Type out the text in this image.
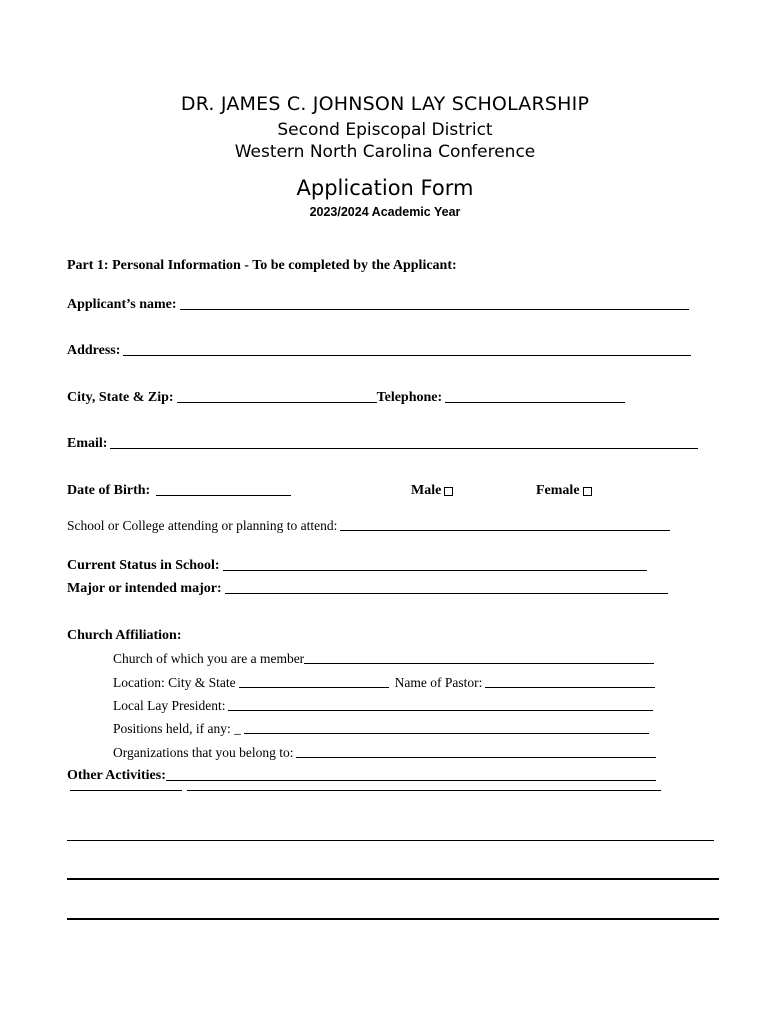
DR. JAMES C. JOHNSON LAY SCHOLARSHIP
Second Episcopal District
Western North Carolina Conference
Application Form
2023/2024 Academic Year
Part 1: Personal Information - To be completed by the Applicant:
Applicant’s name:
Address:
City, State & Zip:	Telephone:
Email:
Date of Birth:	Male	Female
School or College attending or planning to attend:
Current Status in School:
Major or intended major:
Church Affiliation:
Church of which you are a member
Location: City & State	Name of Pastor:
Local Lay President:
Positions held, if any: _
Organizations that you belong to:
Other Activities:
